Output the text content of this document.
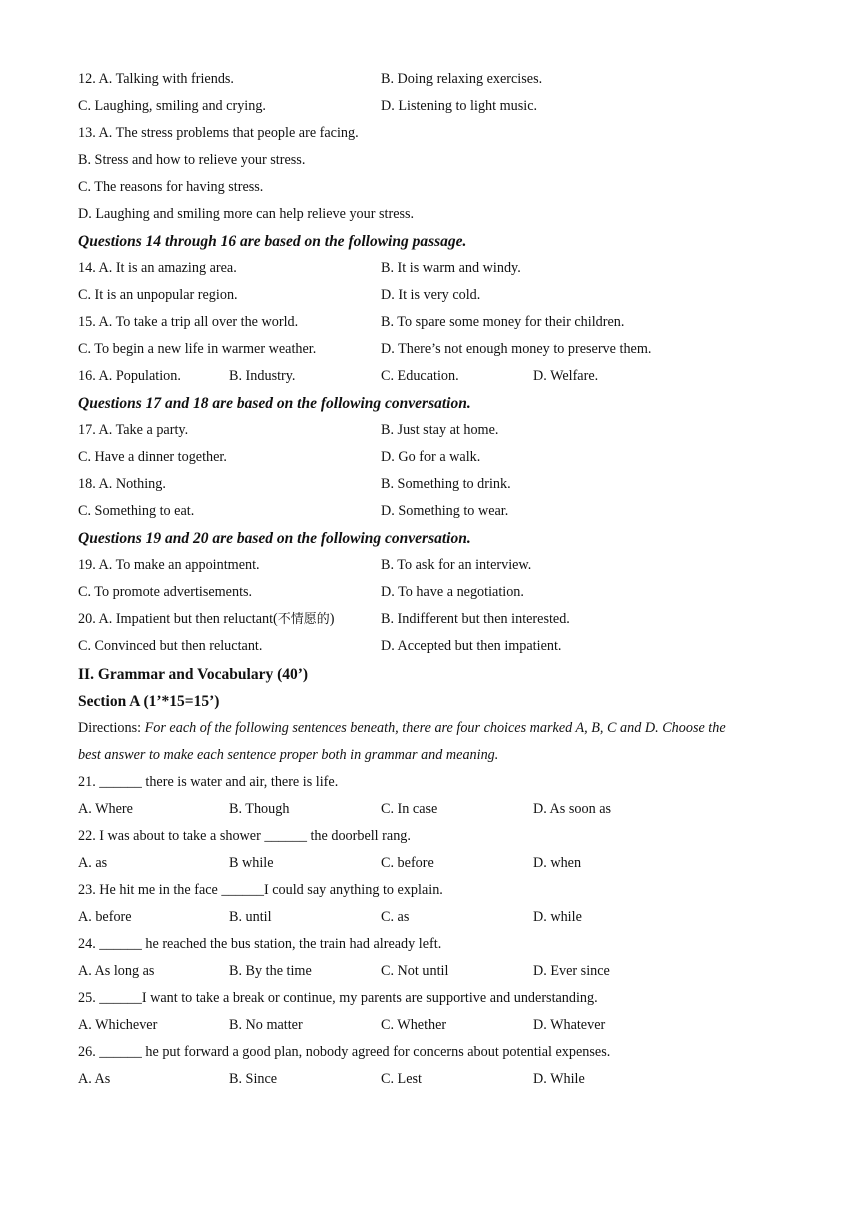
12. A. Talking with friends.	B. Doing relaxing exercises.
C. Laughing, smiling and crying.	D. Listening to light music.
13. A. The stress problems that people are facing.
B. Stress and how to relieve your stress.
C. The reasons for having stress.
D. Laughing and smiling more can help relieve your stress.
Questions 14 through 16 are based on the following passage.
14. A. It is an amazing area.	B. It is warm and windy.
C. It is an unpopular region.	D. It is very cold.
15. A. To take a trip all over the world.	B. To spare some money for their children.
C. To begin a new life in warmer weather.	D. There’s not enough money to preserve them.
16. A. Population.	B. Industry.	C. Education.	D. Welfare.
Questions 17 and 18 are based on the following conversation.
17. A. Take a party.	B. Just stay at home.
C. Have a dinner together.	D. Go for a walk.
18. A. Nothing.	B. Something to drink.
C. Something to eat.	D. Something to wear.
Questions 19 and 20 are based on the following conversation.
19. A. To make an appointment.	B. To ask for an interview.
C. To promote advertisements.	D. To have a negotiation.
20. A. Impatient but then reluctant(不情愿的)	B. Indifferent but then interested.
C. Convinced but then reluctant.	D. Accepted but then impatient.
II. Grammar and Vocabulary (40’)
Section A (1’*15=15’)
Directions: For each of the following sentences beneath, there are four choices marked A, B, C and D. Choose the
best answer to make each sentence proper both in grammar and meaning.
21. ______ there is water and air, there is life.
A. Where	B. Though	C. In case	D. As soon as
22. I was about to take a shower ______ the doorbell rang.
A. as	B while	C. before	D. when
23. He hit me in the face ______I could say anything to explain.
A. before	B. until	C. as	D. while
24. ______ he reached the bus station, the train had already left.
A. As long as	B. By the time	C. Not until	D. Ever since
25. ______I want to take a break or continue, my parents are supportive and understanding.
A. Whichever	B. No matter	C. Whether	D. Whatever
26. ______ he put forward a good plan, nobody agreed for concerns about potential expenses.
A. As	B. Since	C. Lest	D. While
